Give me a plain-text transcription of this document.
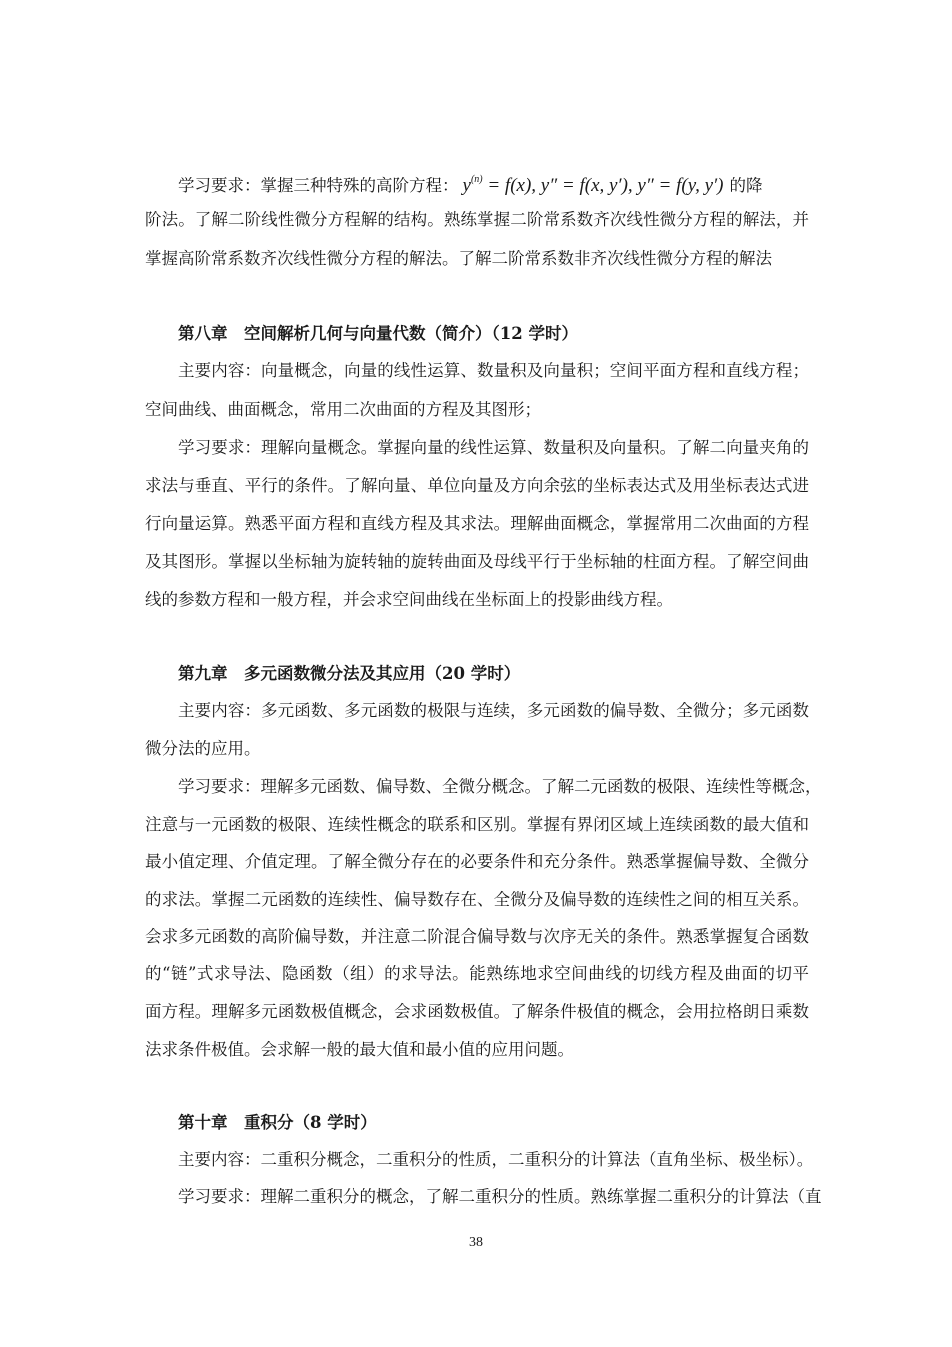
学习要求：掌握三种特殊的高阶方程： $y^{(n)} = f(x)$, y″ = f(x, y′), y″ = f(y, y′) 的降
阶法。了解二阶线性微分方程解的结构。熟练掌握二阶常系数齐次线性微分方程的解法，并
掌握高阶常系数齐次线性微分方程的解法。了解二阶常系数非齐次线性微分方程的解法
第八章　空间解析几何与向量代数（简介）（12 学时）
主要内容：向量概念，向量的线性运算、数量积及向量积；空间平面方程和直线方程；
空间曲线、曲面概念，常用二次曲面的方程及其图形；
学习要求：理解向量概念。掌握向量的线性运算、数量积及向量积。了解二向量夹角的
求法与垂直、平行的条件。了解向量、单位向量及方向余弦的坐标表达式及用坐标表达式进
行向量运算。熟悉平面方程和直线方程及其求法。理解曲面概念，掌握常用二次曲面的方程
及其图形。掌握以坐标轴为旋转轴的旋转曲面及母线平行于坐标轴的柱面方程。了解空间曲
线的参数方程和一般方程，并会求空间曲线在坐标面上的投影曲线方程。
第九章　多元函数微分法及其应用（20 学时）
主要内容：多元函数、多元函数的极限与连续，多元函数的偏导数、全微分；多元函数
微分法的应用。
学习要求：理解多元函数、偏导数、全微分概念。了解二元函数的极限、连续性等概念，
注意与一元函数的极限、连续性概念的联系和区别。掌握有界闭区域上连续函数的最大值和
最小值定理、介值定理。了解全微分存在的必要条件和充分条件。熟悉掌握偏导数、全微分
的求法。掌握二元函数的连续性、偏导数存在、全微分及偏导数的连续性之间的相互关系。
会求多元函数的高阶偏导数，并注意二阶混合偏导数与次序无关的条件。熟悉掌握复合函数
的“链”式求导法、隐函数（组）的求导法。能熟练地求空间曲线的切线方程及曲面的切平
面方程。理解多元函数极值概念，会求函数极值。了解条件极值的概念，会用拉格朗日乘数
法求条件极值。会求解一般的最大值和最小值的应用问题。
第十章　重积分（8 学时）
主要内容：二重积分概念，二重积分的性质，二重积分的计算法（直角坐标、极坐标）。
学习要求：理解二重积分的概念，了解二重积分的性质。熟练掌握二重积分的计算法（直
38
